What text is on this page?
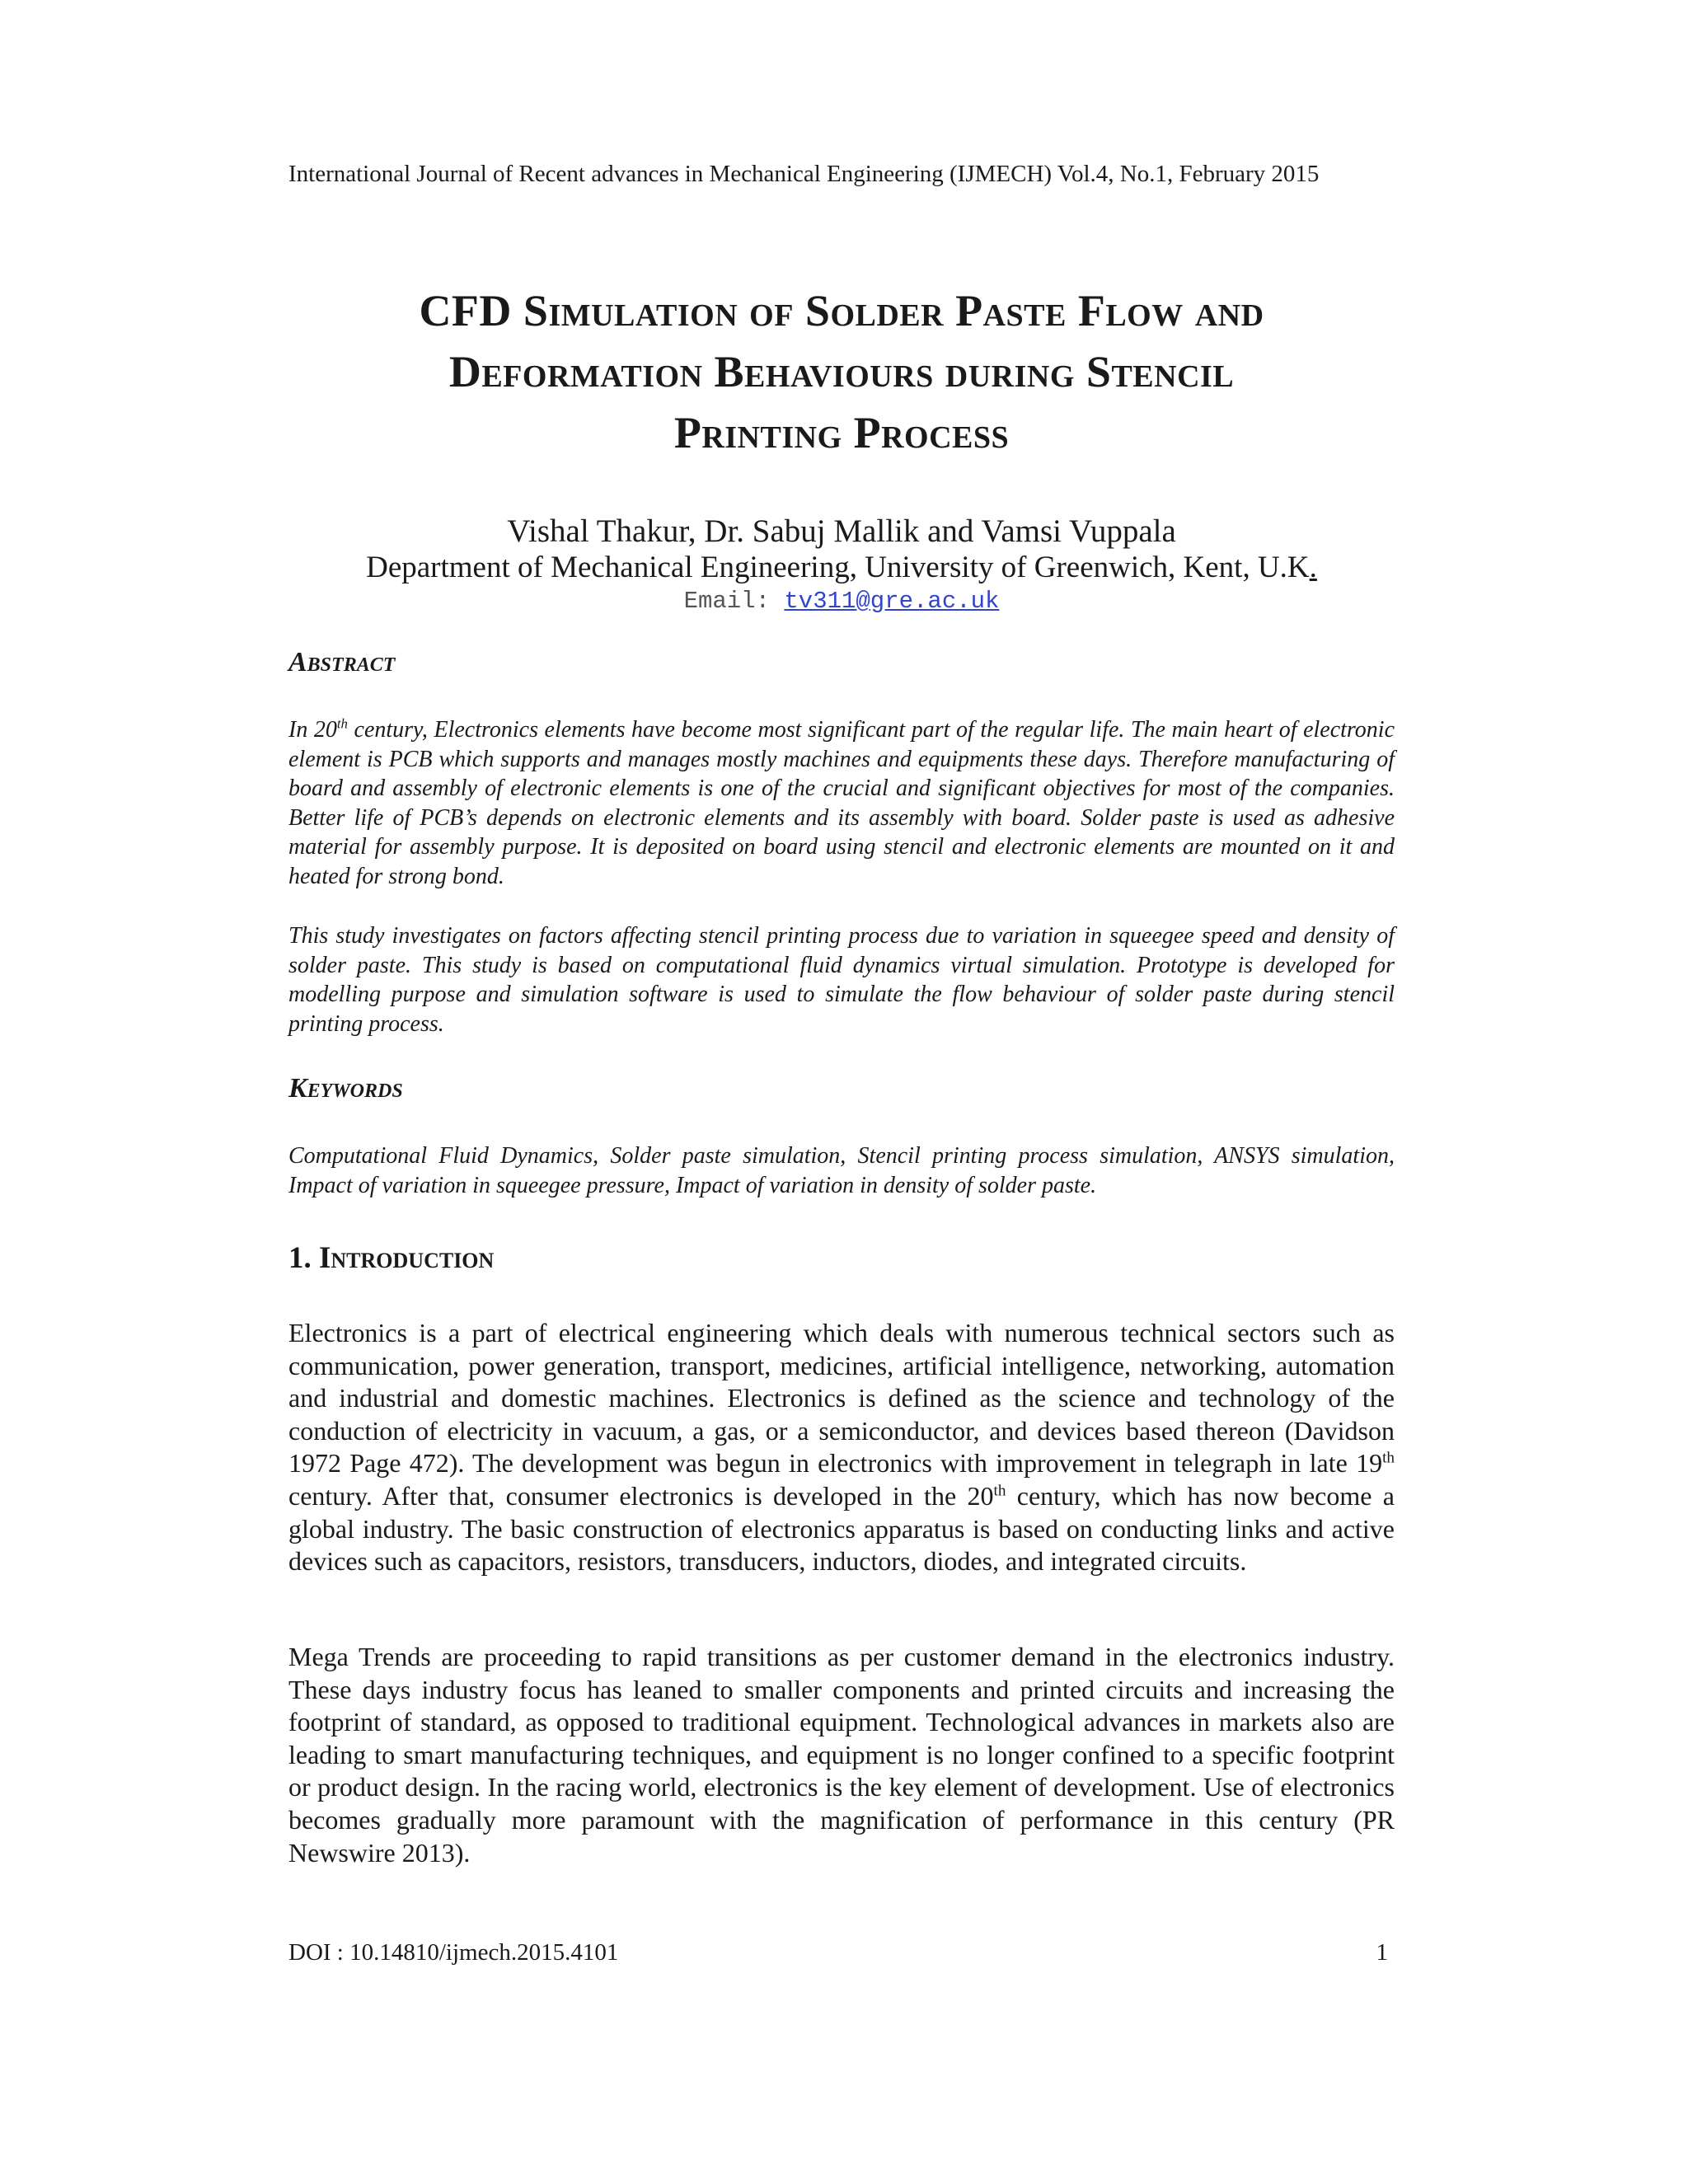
International Journal of Recent advances in Mechanical Engineering (IJMECH) Vol.4, No.1, February 2015
CFD Simulation of Solder Paste Flow and
Deformation Behaviours during Stencil
Printing Process
Vishal Thakur, Dr. Sabuj Mallik and Vamsi Vuppala
Department of Mechanical Engineering, University of Greenwich, Kent, U.K.
Email: tv311@gre.ac.uk
Abstract

In 20th century, Electronics elements have become most significant part of the regular life. The main heart of electronic element is PCB which supports and manages mostly machines and equipments these days. Therefore manufacturing of board and assembly of electronic elements is one of the crucial and significant objectives for most of the companies. Better life of PCB’s depends on electronic elements and its assembly with board. Solder paste is used as adhesive material for assembly purpose. It is deposited on board using stencil and electronic elements are mounted on it and heated for strong bond.

This study investigates on factors affecting stencil printing process due to variation in squeegee speed and density of solder paste. This study is based on computational fluid dynamics virtual simulation. Prototype is developed for modelling purpose and simulation software is used to simulate the flow behaviour of solder paste during stencil printing process.

Keywords

Computational Fluid Dynamics, Solder paste simulation, Stencil printing process simulation, ANSYS simulation, Impact of variation in squeegee pressure, Impact of variation in density of solder paste.

1. Introduction

Electronics is a part of electrical engineering which deals with numerous technical sectors such as communication, power generation, transport, medicines, artificial intelligence, networking, automation and industrial and domestic machines. Electronics is defined as the science and technology of the conduction of electricity in vacuum, a gas, or a semiconductor, and devices based thereon (Davidson 1972 Page 472). The development was begun in electronics with improvement in telegraph in late 19th century. After that, consumer electronics is developed in the 20th century, which has now become a global industry. The basic construction of electronics apparatus is based on conducting links and active devices such as capacitors, resistors, transducers, inductors, diodes, and integrated circuits.

Mega Trends are proceeding to rapid transitions as per customer demand in the electronics industry. These days industry focus has leaned to smaller components and printed circuits and increasing the footprint of standard, as opposed to traditional equipment. Technological advances in markets also are leading to smart manufacturing techniques, and equipment is no longer confined to a specific footprint or product design. In the racing world, electronics is the key element of development. Use of electronics becomes gradually more paramount with the magnification of performance in this century (PR Newswire 2013).

DOI : 10.14810/ijmech.2015.4101	1
